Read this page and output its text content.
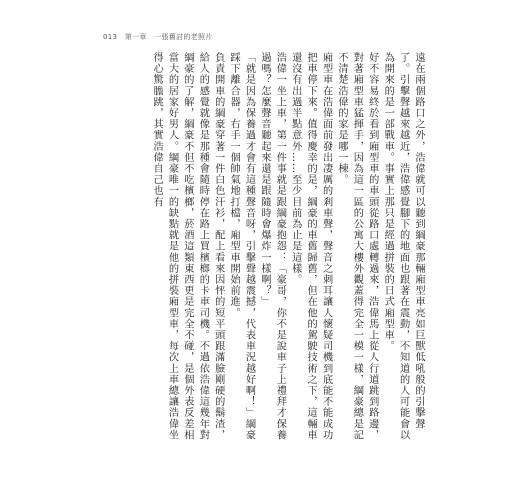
013 第一章 一張舊討的老照片

遠在兩個路口之外，浩偉就可以聽到綱豪那輛廂型車亮如巨獸低吼般的引擊聲了。引擊聲越來越近，浩偉感覺腳下的地面也跟著在震動，不知道的人可能會以為開來的是一部戰車。事實上那只是經過拼裝的日式廂型車。

好不容易終於看到廂型車的車頭從路口處轉過來，浩偉馬上從人行道跳到路邊，對著廂型車猛揮手，因為這一區的公寓大樓外觀蓋得完全一模一樣，綱豪總是記不清楚浩偉的家是哪一棟。

廂型車在浩偉面前發出凄厲的剎車聲，聲音之刺耳讓人懷疑司機到底能不能成功把車停下來。值得慶幸的是，綱豪的車舊歸舊，但在他的駕駛技術之下，這輛車還沒有出過半點意外……至少目前為止是這樣。

浩偉一坐上車，第一件事就是跟綱豪抱怨：「豪哥，你不是說車子上禮拜才保養過嗎？怎麼聲音聽起來還是跟隨時會爆炸一樣啊？」

「就是因為保養過才會有這種聲音呀，引擊聲越震撼，代表車況越好啊！」綱豪踩下離合器，右手一個帥氣地打檔，廂型車開始前進。

負責開車的綱豪穿著一件白色汗衫，配上看來因怦的短平頭跟滿臉剛硬的鬍渣，給人的感覺就像是那種會隨時停在路上買檳榔的卡車司機。不過依浩偉這幾年對綱豪的了解，綱豪不但不吃檳榔，菸酒這類東西更是完全不碰，是個外表反差相當大的居家好男人。綱豪唯一的缺點就是他的拼裝廂型車，每次上車總讓浩偉坐得心驚膽跳，其實浩偉自己也有
